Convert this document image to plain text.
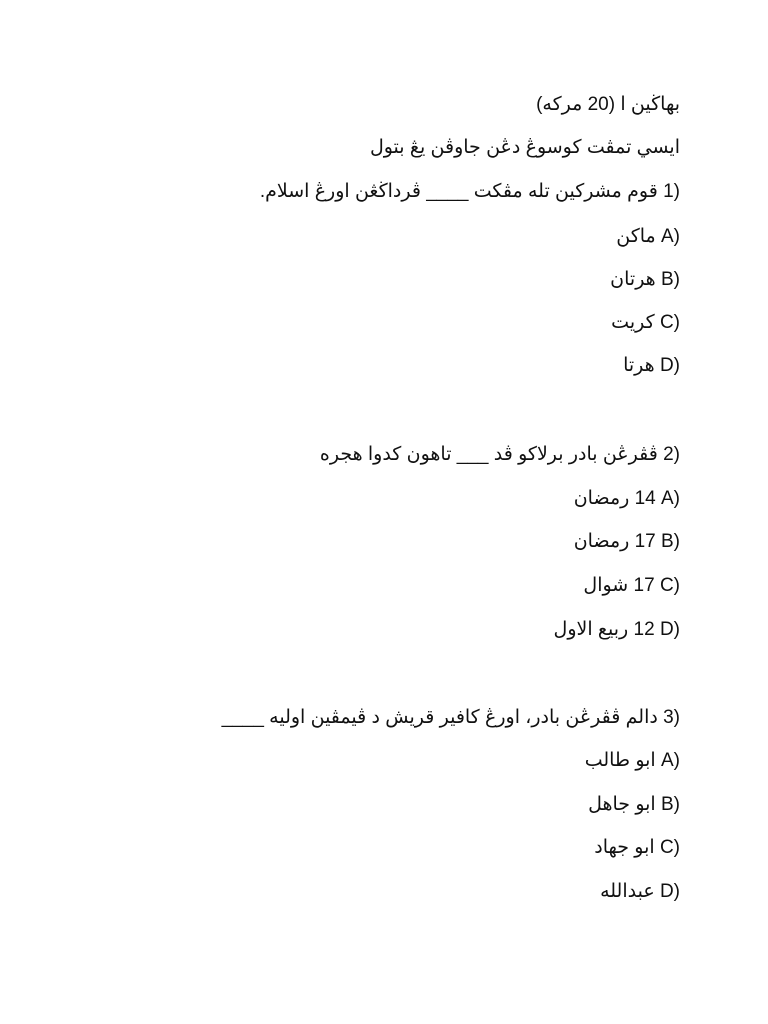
بهاڬين ا (20 مرکه)
ايسي تمڤت کوسوڠ دڠن جاوڤن يڠ بتول
1) قوم مشرکين تله مڤکت ____ ڤرداڬڠن اورڠ اسلام.
A) ماکن
B) هرتان
C) کريت
D) هرتا
2) ڤڤرڠن بادر برلاکو ڤد ___ تاهون کدوا هجره
A) 14 رمضان
B) 17 رمضان
C) 17 شوال
D) 12 ربيع الاول
3) دالم ڤڤرڠن بادر، اورڠ کافير قريش د ڤيمڤين اوليه ____
A) ابو طالب
B) ابو جاهل
C) ابو جهاد
D) عبدالله
